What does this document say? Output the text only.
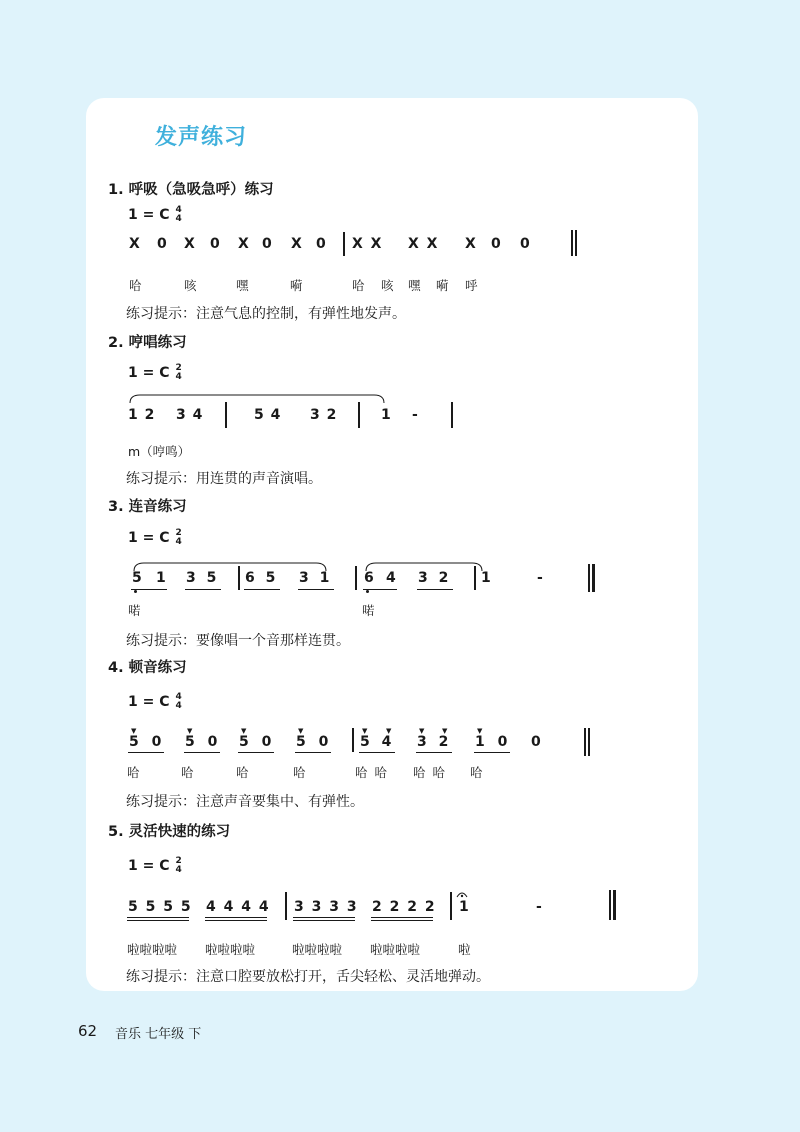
发声练习
1. 呼吸（急吸急呼）练习
1 = C 4
4
X 0 X 0 X 0 X 0 X X X X X 0 0
哈	咳	嘿	嗬	哈 咳 嘿 嗬 呼
练习提示：注意气息的控制，有弹性地发声。
2. 哼唱练习
1 = C 2
4
1 2 3 4	5 4 3 2	1 -
m（哼鸣）
练习提示：用连贯的声音演唱。
3. 连音练习
1 = C 2
4
5 1 3 5 6 5 3 1 6 4 3 2 1	-
喏	喏
练习提示：要像唱一个音那样连贯。
4. 顿音练习
1 = C 4
4
▼
5 0
▼
5 0
▼
5 0
▼
5 0
▼	▼
5 4
▼	▼
3 2
▼
1 0 0
哈	哈	哈	哈	哈 哈 哈 哈 哈
练习提示：注意声音要集中、有弹性。
5. 灵活快速的练习
1 = C 2
4
5 5 5 5 4 4 4 4 3 3 3 3 2 2 2 2 1	-
啦啦啦啦 啦啦啦啦	啦啦啦啦 啦啦啦啦	啦
练习提示：注意口腔要放松打开，舌尖轻松、灵活地弹动。
62 音乐 七年级 下
